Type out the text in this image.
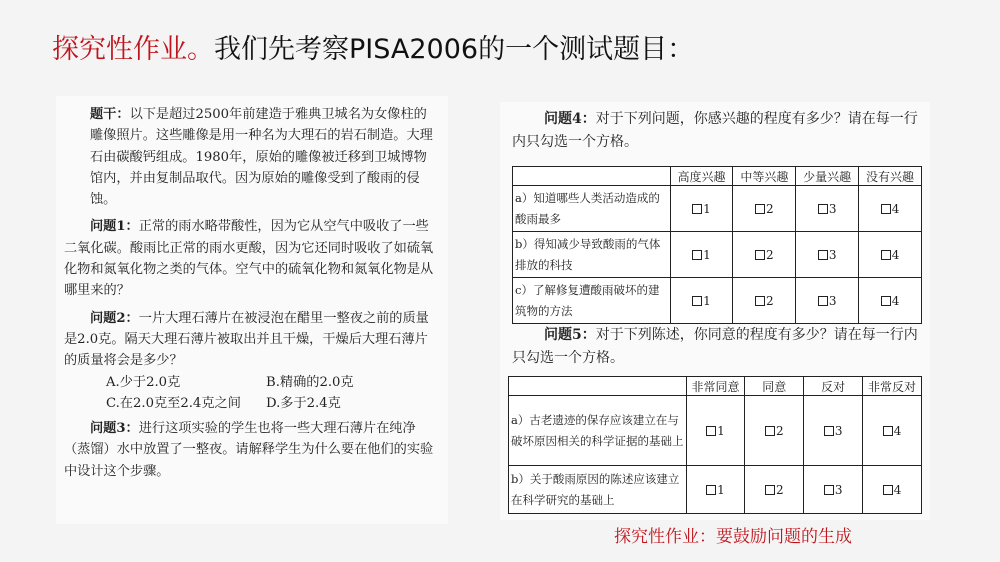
探究性作业。我们先考察PISA2006的一个测试题目：

题干：以下是超过2500年前建造于雅典卫城名为女像柱的雕像照片。这些雕像是用一种名为大理石的岩石制造。大理石由碳酸钙组成。1980年，原始的雕像被迁移到卫城博物馆内，并由复制品取代。因为原始的雕像受到了酸雨的侵蚀。

问题1：正常的雨水略带酸性，因为它从空气中吸收了一些二氧化碳。酸雨比正常的雨水更酸，因为它还同时吸收了如硫氧化物和氮氧化物之类的气体。空气中的硫氧化物和氮氧化物是从哪里来的？

问题2：一片大理石薄片在被浸泡在醋里一整夜之前的质量是2.0克。隔天大理石薄片被取出并且干燥，干燥后大理石薄片的质量将会是多少？

A.少于2.0克	B.精确的2.0克
C.在2.0克至2.4克之间	D.多于2.4克

问题3：进行这项实验的学生也将一些大理石薄片在纯净（蒸馏）水中放置了一整夜。请解释学生为什么要在他们的实验中设计这个步骤。

问题4：对于下列问题，你感兴趣的程度有多少？请在每一行内只勾选一个方格。
	高度兴趣	中等兴趣	少量兴趣	没有兴趣
a）知道哪些人类活动造成的酸雨最多	1	2	3	4
b）得知减少导致酸雨的气体排放的科技	1	2	3	4
c）了解修复遭酸雨破坏的建筑物的方法	1	2	3	4
问题5：对于下列陈述，你同意的程度有多少？请在每一行内只勾选一个方格。
	非常同意	同意	反对	非常反对
a）古老遗迹的保存应该建立在与破坏原因相关的科学证据的基础上	1	2	3	4
b）关于酸雨原因的陈述应该建立在科学研究的基础上	1	2	3	4
探究性作业：要鼓励问题的生成
